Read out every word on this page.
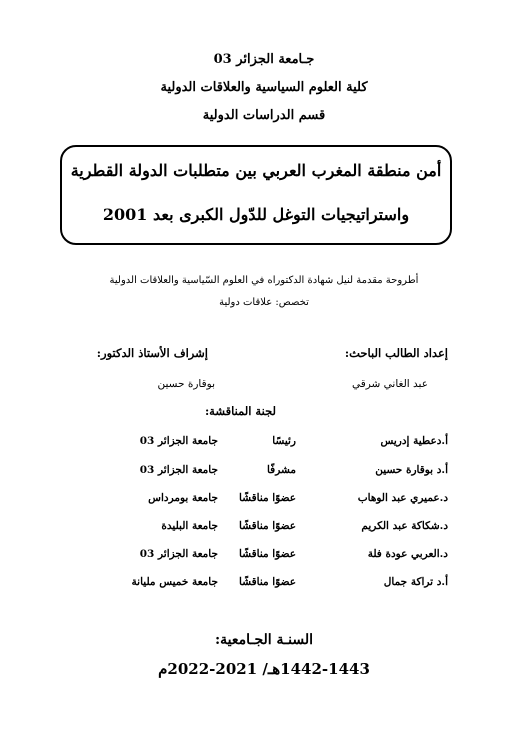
جـامعة الجزائر 03
كلية العلوم السياسية والعلاقات الدولية
قسم الدراسات الدولية
أمن منطقة المغرب العربي بين متطلبات الدولة القطرية
واستراتيجيات التوغل للدّول الكبرى بعد 2001
أطروحة مقدمة لنيل شهادة الدكتوراه في العلوم السّياسية والعلاقات الدولية
تخصص: علاقات دولية
إعداد الطالب الباحث:
إشراف الأستاذ الدكتور:
عبد الغاني شرقي
بوقارة حسين
لجنة المناقشة:
أ.دعطية إدريس
رئيسًا
جامعة الجزائر 03
أ.د بوقارة حسين
مشرفًا
جامعة الجزائر 03
د.عميري عبد الوهاب
عضوًا مناقشًا
جامعة بومرداس
د.شكاكة عبد الكريم
عضوًا مناقشًا
جامعة البليدة
د.العربي عودة فلة
عضوًا مناقشًا
جامعة الجزائر 03
أ.د تراكة جمال
عضوًا مناقشًا
جامعة خميس مليانة
السنـة الجـامعية:
1442-1443هـ/ 2021-2022م
